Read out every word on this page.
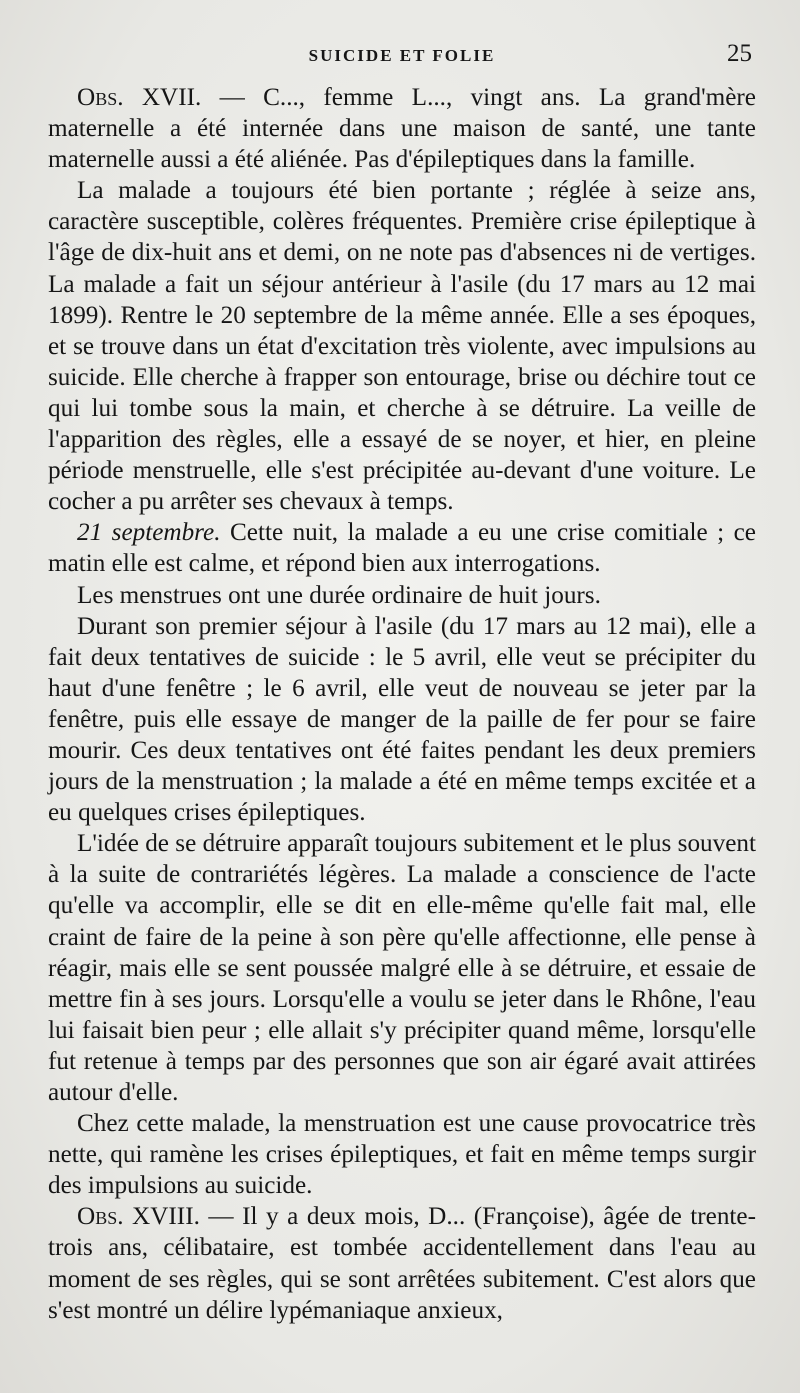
SUICIDE ET FOLIE	25

Obs. XVII. — C..., femme L..., vingt ans. La grand'mère maternelle a été internée dans une maison de santé, une tante maternelle aussi a été aliénée. Pas d'épileptiques dans la famille.

La malade a toujours été bien portante ; réglée à seize ans, caractère susceptible, colères fréquentes. Première crise épileptique à l'âge de dix-huit ans et demi, on ne note pas d'absences ni de vertiges. La malade a fait un séjour antérieur à l'asile (du 17 mars au 12 mai 1899). Rentre le 20 septembre de la même année. Elle a ses époques, et se trouve dans un état d'excitation très violente, avec impulsions au suicide. Elle cherche à frapper son entourage, brise ou déchire tout ce qui lui tombe sous la main, et cherche à se détruire. La veille de l'apparition des règles, elle a essayé de se noyer, et hier, en pleine période menstruelle, elle s'est précipitée au-devant d'une voiture. Le cocher a pu arrêter ses chevaux à temps.

21 septembre. Cette nuit, la malade a eu une crise comitiale ; ce matin elle est calme, et répond bien aux interrogations.

Les menstrues ont une durée ordinaire de huit jours.

Durant son premier séjour à l'asile (du 17 mars au 12 mai), elle a fait deux tentatives de suicide : le 5 avril, elle veut se précipiter du haut d'une fenêtre ; le 6 avril, elle veut de nouveau se jeter par la fenêtre, puis elle essaye de manger de la paille de fer pour se faire mourir. Ces deux tentatives ont été faites pendant les deux premiers jours de la menstruation ; la malade a été en même temps excitée et a eu quelques crises épileptiques.

L'idée de se détruire apparaît toujours subitement et le plus souvent à la suite de contrariétés légères. La malade a conscience de l'acte qu'elle va accomplir, elle se dit en elle-même qu'elle fait mal, elle craint de faire de la peine à son père qu'elle affectionne, elle pense à réagir, mais elle se sent poussée malgré elle à se détruire, et essaie de mettre fin à ses jours. Lorsqu'elle a voulu se jeter dans le Rhône, l'eau lui faisait bien peur ; elle allait s'y précipiter quand même, lorsqu'elle fut retenue à temps par des personnes que son air égaré avait attirées autour d'elle.

Chez cette malade, la menstruation est une cause provocatrice très nette, qui ramène les crises épileptiques, et fait en même temps surgir des impulsions au suicide.

Obs. XVIII. — Il y a deux mois, D... (Françoise), âgée de trente-trois ans, célibataire, est tombée accidentellement dans l'eau au moment de ses règles, qui se sont arrêtées subitement. C'est alors que s'est montré un délire lypémaniaque anxieux,
